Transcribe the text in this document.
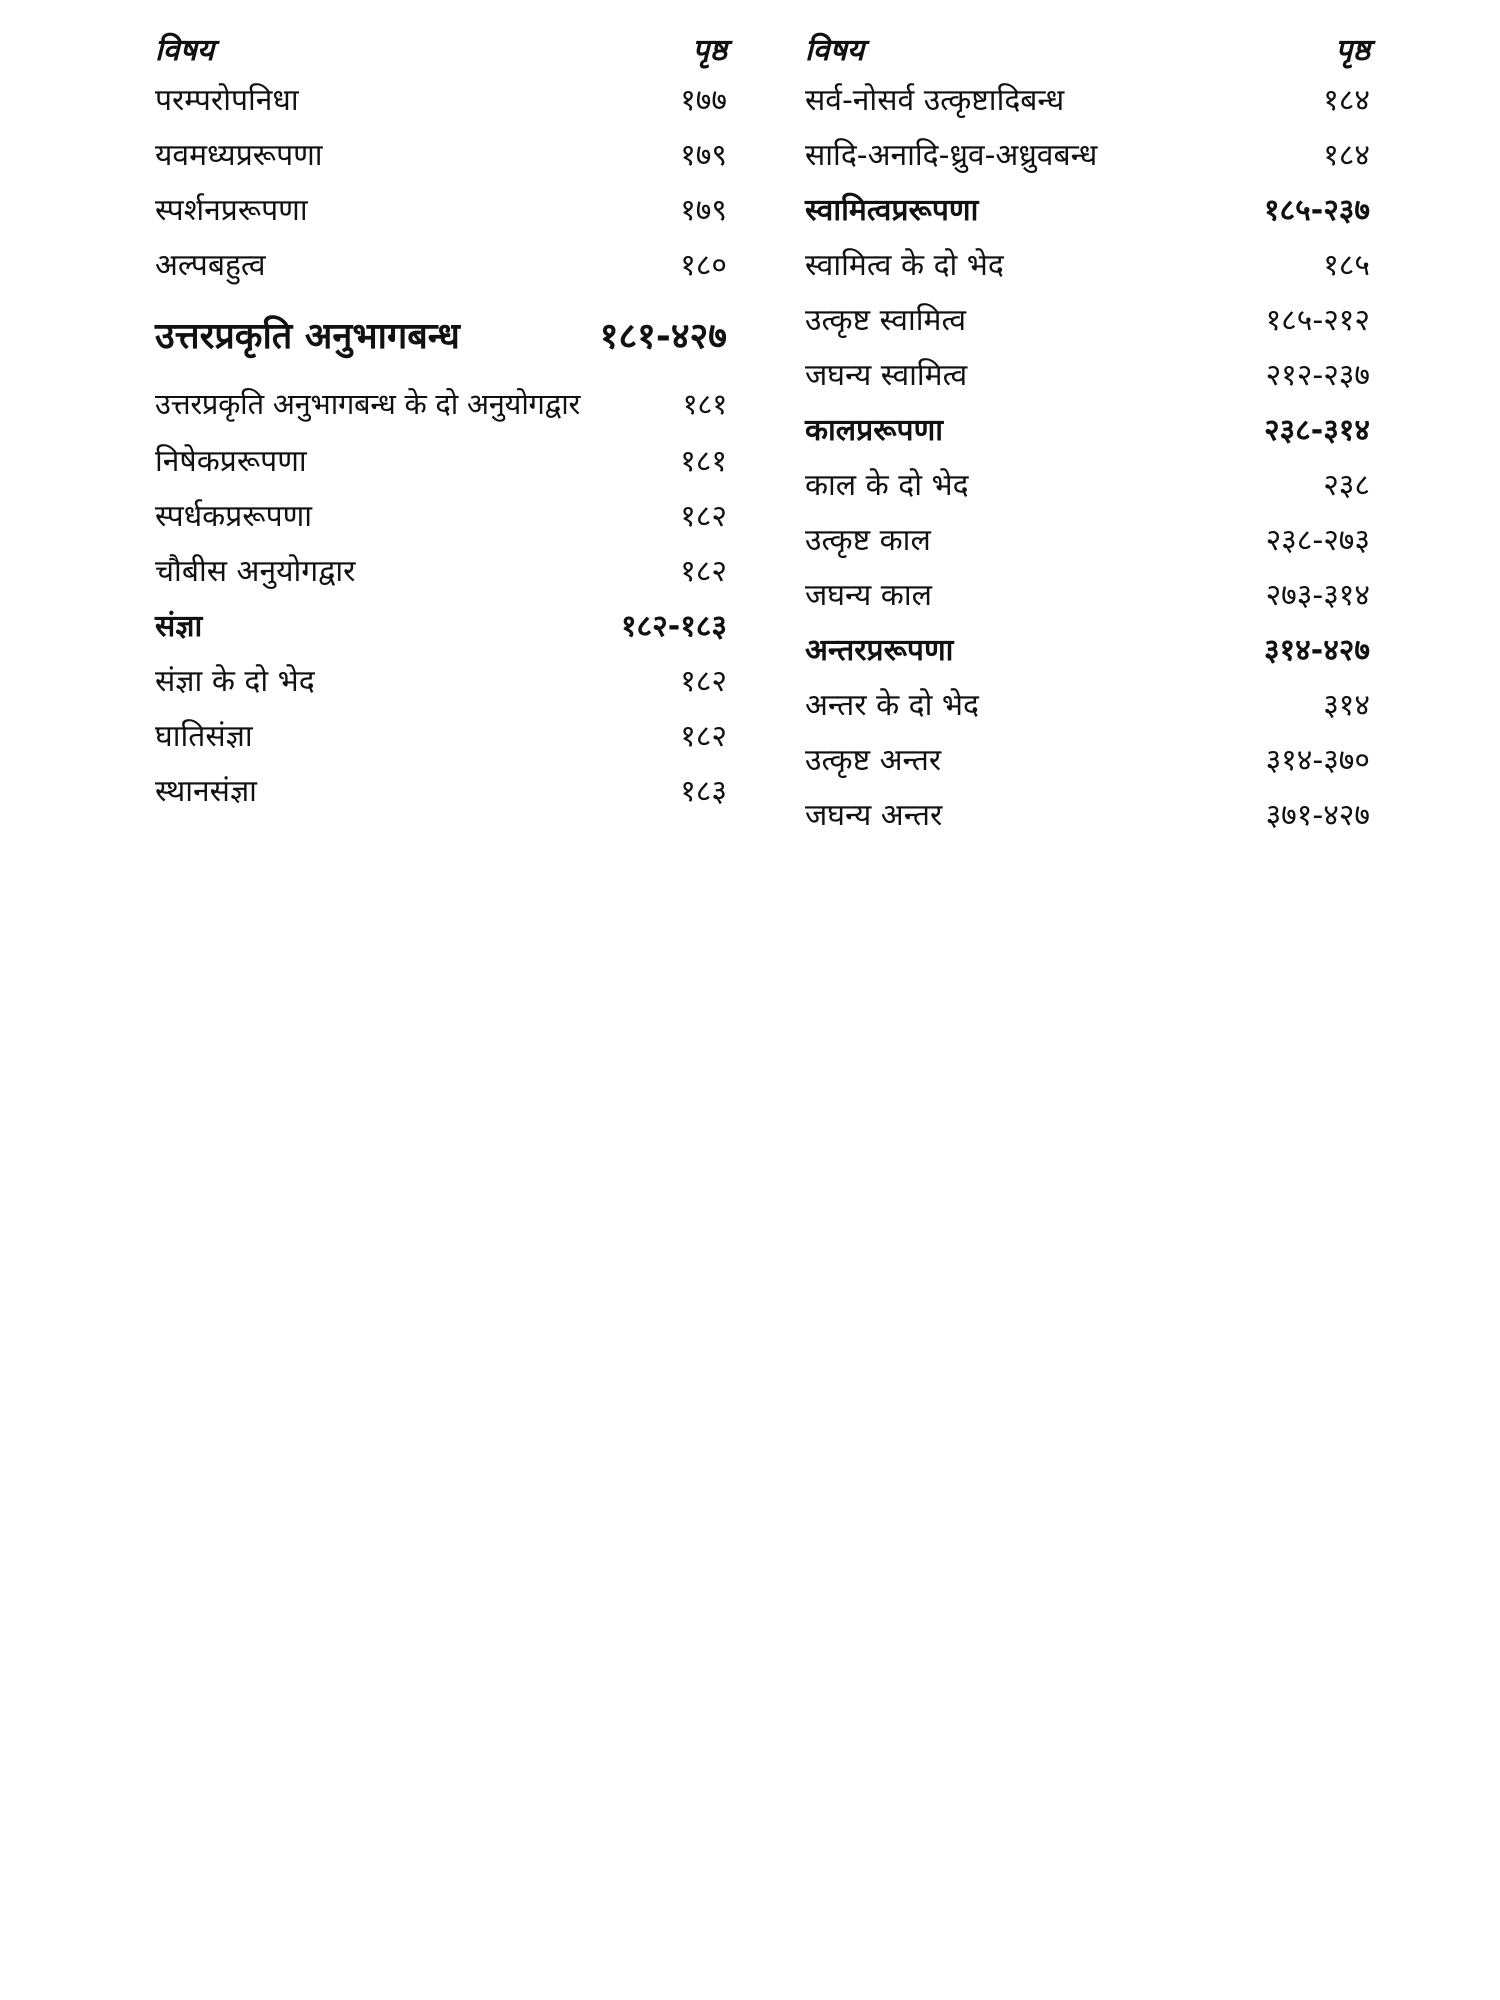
विषय	पृष्ठ
परम्परोपनिधा	१७७
यवमध्यप्ररूपणा	१७९
स्पर्शनप्ररूपणा	१७९
अल्पबहुत्व	१८०
उत्तरप्रकृति अनुभागबन्ध	१८१-४२७
उत्तरप्रकृति अनुभागबन्ध के दो अनुयोगद्वार	१८१
निषेकप्ररूपणा	१८१
स्पर्धकप्ररूपणा	१८२
चौबीस अनुयोगद्वार	१८२
संज्ञा	१८२-१८३
संज्ञा के दो भेद	१८२
घातिसंज्ञा	१८२
स्थानसंज्ञा	१८३
विषय	पृष्ठ
सर्व-नोसर्व उत्कृष्टादिबन्ध	१८४
सादि-अनादि-ध्रुव-अध्रुवबन्ध	१८४
स्वामित्वप्ररूपणा	१८५-२३७
स्वामित्व के दो भेद	१८५
उत्कृष्ट स्वामित्व	१८५-२१२
जघन्य स्वामित्व	२१२-२३७
कालप्ररूपणा	२३८-३१४
काल के दो भेद	२३८
उत्कृष्ट काल	२३८-२७३
जघन्य काल	२७३-३१४
अन्तरप्ररूपणा	३१४-४२७
अन्तर के दो भेद	३१४
उत्कृष्ट अन्तर	३१४-३७०
जघन्य अन्तर	३७१-४२७
